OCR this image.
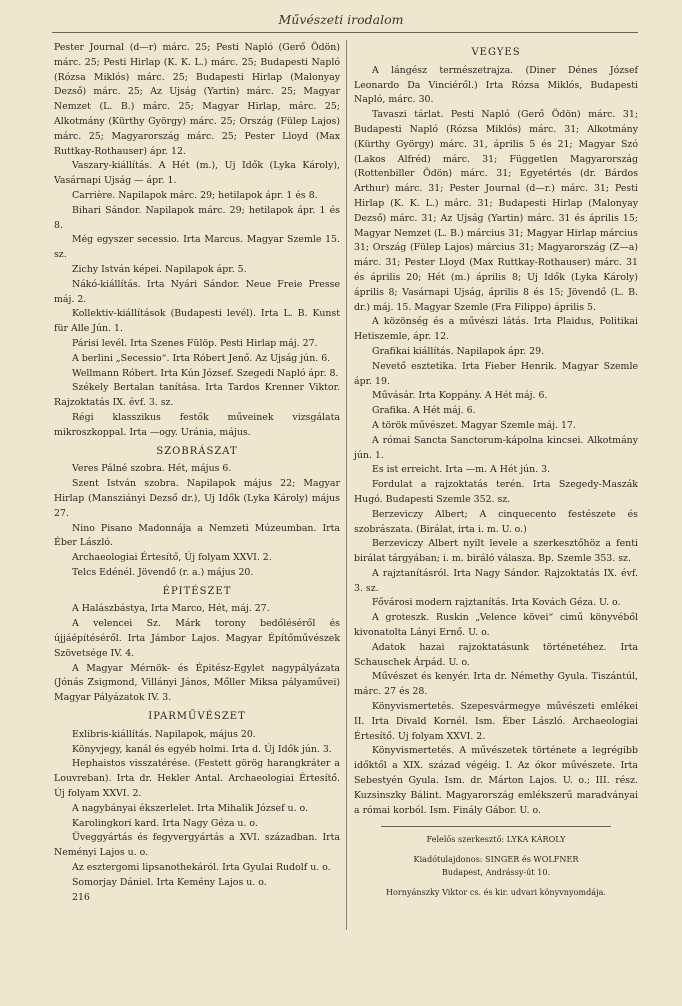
Művészeti irodalom

Pester Journal (d—r) márc. 25; Pesti Napló (Gerő Ödön) márc. 25; Pesti Hirlap (K. K. L.) márc. 25; Budapesti Napló (Rózsa Miklós) márc. 25; Budapesti Hirlap (Malonyay Dezső) márc. 25; Az Ujság (Yartin) márc. 25; Magyar Nemzet (L. B.) márc. 25; Magyar Hirlap, márc. 25; Alkotmány (Kürthy György) márc. 25; Ország (Fülep Lajos) márc. 25; Magyarország márc. 25; Pester Lloyd (Max Ruttkay-Rothauser) ápr. 12.

Vaszary-kiállítás. A Hét (m.), Uj Idők (Lyka Károly), Vasárnapi Ujság — ápr. 1.

Carrière. Napilapok márc. 29; hetilapok ápr. 1 és 8.

Bihari Sándor. Napilapok márc. 29; hetilapok ápr. 1 és 8.

Még egyszer secessio. Irta Marcus. Magyar Szemle 15. sz.

Zichy István képei. Napilapok ápr. 5.

Nákó-kiállítás. Irta Nyári Sándor. Neue Freie Presse máj. 2.

Kollektiv-kiállítások (Budapesti levél). Irta L. B. Kunst für Alle Jún. 1.

Párisi levél. Irta Szenes Fülöp. Pesti Hirlap máj. 27.

A berlini „Secessio“. Irta Róbert Jenő. Az Ujság jún. 6.

Wellmann Róbert. Irta Kún József. Szegedi Napló ápr. 8.

Székely Bertalan tanítása. Irta Tardos Krenner Viktor. Rajzoktatás IX. évf. 3. sz.

Régi klasszikus festők műveinek vizsgálata mikroszkoppal. Irta —ogy. Uránia, május.

SZOBRÁSZAT

Veres Pálné szobra. Hét, május 6.

Szent István szobra. Napilapok május 22; Magyar Hirlap (Mansziányi Dezső dr.), Uj Idők (Lyka Károly) május 27.

Nino Pisano Madonnája a Nemzeti Múzeumban. Irta Éber László.

Archaeologiai Értesítő, Új folyam XXVI. 2.

Telcs Edénél. Jövendő (r. a.) május 20.

ÉPITÉSZET

A Halászbástya, Irta Marco, Hét, máj. 27.

A velencei Sz. Márk torony bedőléséről és újjáépítéséről. Irta Jámbor Lajos. Magyar Építőművészek Szövetsége IV. 4.

A Magyar Mérnök- és Épitész-Egylet nagypályázata (Jónás Zsigmond, Villányi János, Mőller Miksa pályaművei) Magyar Pályázatok IV. 3.

IPARMŰVÉSZET

Exlibris-kiállítás. Napilapok, május 20.

Könyvjegy, kanál és egyéb holmi. Irta d. Új Idők jún. 3.

Hephaistos visszatérése. (Festett görög harangkráter a Louvreban). Irta dr. Hekler Antal. Archaeologiai Értesítő. Új folyam XXVI. 2.

A nagybányai ékszerlelet. Irta Mihalik József u. o.

Karolingkori kard. Irta Nagy Géza u. o.

Üveggyártás és fegyvergyártás a XVI. században. Irta Neményi Lajos u. o.

Az esztergomi lipsanothekáról. Irta Gyulai Rudolf u. o.

Somorjay Dániel. Irta Kemény Lajos u. o.

216

VEGYES

A lángész természetrajza. (Diner Dénes József Leonardo Da Vinciéről.) Irta Rózsa Miklós, Budapesti Napló, márc. 30.

Tavaszi tárlat. Pesti Napló (Gerő Ödön) márc. 31; Budapesti Napló (Rózsa Miklós) márc. 31; Alkotmány (Kürthy György) márc. 31, április 5 és 21; Magyar Szó (Lakos Alfréd) márc. 31; Független Magyarország (Rottenbiller Ödön) márc. 31; Egyetértés (dr. Bárdos Arthur) márc. 31; Pester Journal (d—r.) márc. 31; Pesti Hirlap (K. K. L.) márc. 31; Budapesti Hirlap (Malonyay Dezső) márc. 31; Az Ujság (Yartin) márc. 31 és április 15; Magyar Nemzet (L. B.) március 31; Magyar Hirlap március 31; Ország (Fülep Lajos) március 31; Magyarország (Z—a) márc. 31; Pester Lloyd (Max Ruttkay-Rothauser) márc. 31 és április 20; Hét (m.) április 8; Uj Idők (Lyka Károly) április 8; Vasárnapi Ujság, április 8 és 15; Jövendő (L. B. dr.) máj. 15. Magyar Szemle (Fra Filippo) április 5.

A közönség és a művészi látás. Irta Plaidus, Politikai Hetiszemle, ápr. 12.

Grafikai kiállítás. Napilapok ápr. 29.

Nevető esztetika. Irta Fieber Henrik. Magyar Szemle ápr. 19.

Művásár. Irta Koppány. A Hét máj. 6.

Grafika. A Hét máj. 6.

A török művészet. Magyar Szemle máj. 17.

A római Sancta Sanctorum-kápolna kincsei. Alkotmány jún. 1.

Es ist erreicht. Irta —m. A Hét jún. 3.

Fordulat a rajzoktatás terén. Irta Szegedy-Maszák Hugó. Budapesti Szemle 352. sz.

Berzeviczy Albert; A cinquecento festészete és szobrászata. (Birálat, irta i. m. U. o.)

Berzeviczy Albert nyilt levele a szerkesztőhöz a fenti birálat tárgyában; i. m. biráló válasza. Bp. Szemle 353. sz.

A rajztanításról. Irta Nagy Sándor. Rajzoktatás IX. évf. 3. sz.

Fővárosi modern rajztanítás. Irta Kovách Géza. U. o.

A groteszk. Ruskin „Velence kövei“ cimű könyvéből kivonatolta Lányi Ernő. U. o.

Adatok hazai rajzoktatásunk történetéhez. Irta Schauschek Árpád. U. o.

Művészet és kenyér. Irta dr. Némethy Gyula. Tiszántúl, márc. 27 és 28.

Könyvismertetés. Szepesvármegye művészeti emlékei II. Irta Divald Kornél. Ism. Éber László. Archaeologiai Értesítő. Uj folyam XXVI. 2.

Könyvismertetés. A művészetek története a legrégibb időktől a XIX. század végéig. I. Az ókor művészete. Irta Sebestyén Gyula. Ism. dr. Márton Lajos. U. o.; III. rész. Kuzsinszky Bálint. Magyarország emlékszerű maradványai a római korból. Ism. Finály Gábor. U. o.

Felelős szerkesztő: LYKA KÁROLY
Kiadótulajdonos: SINGER és WOLFNER
Budapest, Andrássy-út 10.
Hornyánszky Viktor cs. és kir. udvari könyvnyomdája.
